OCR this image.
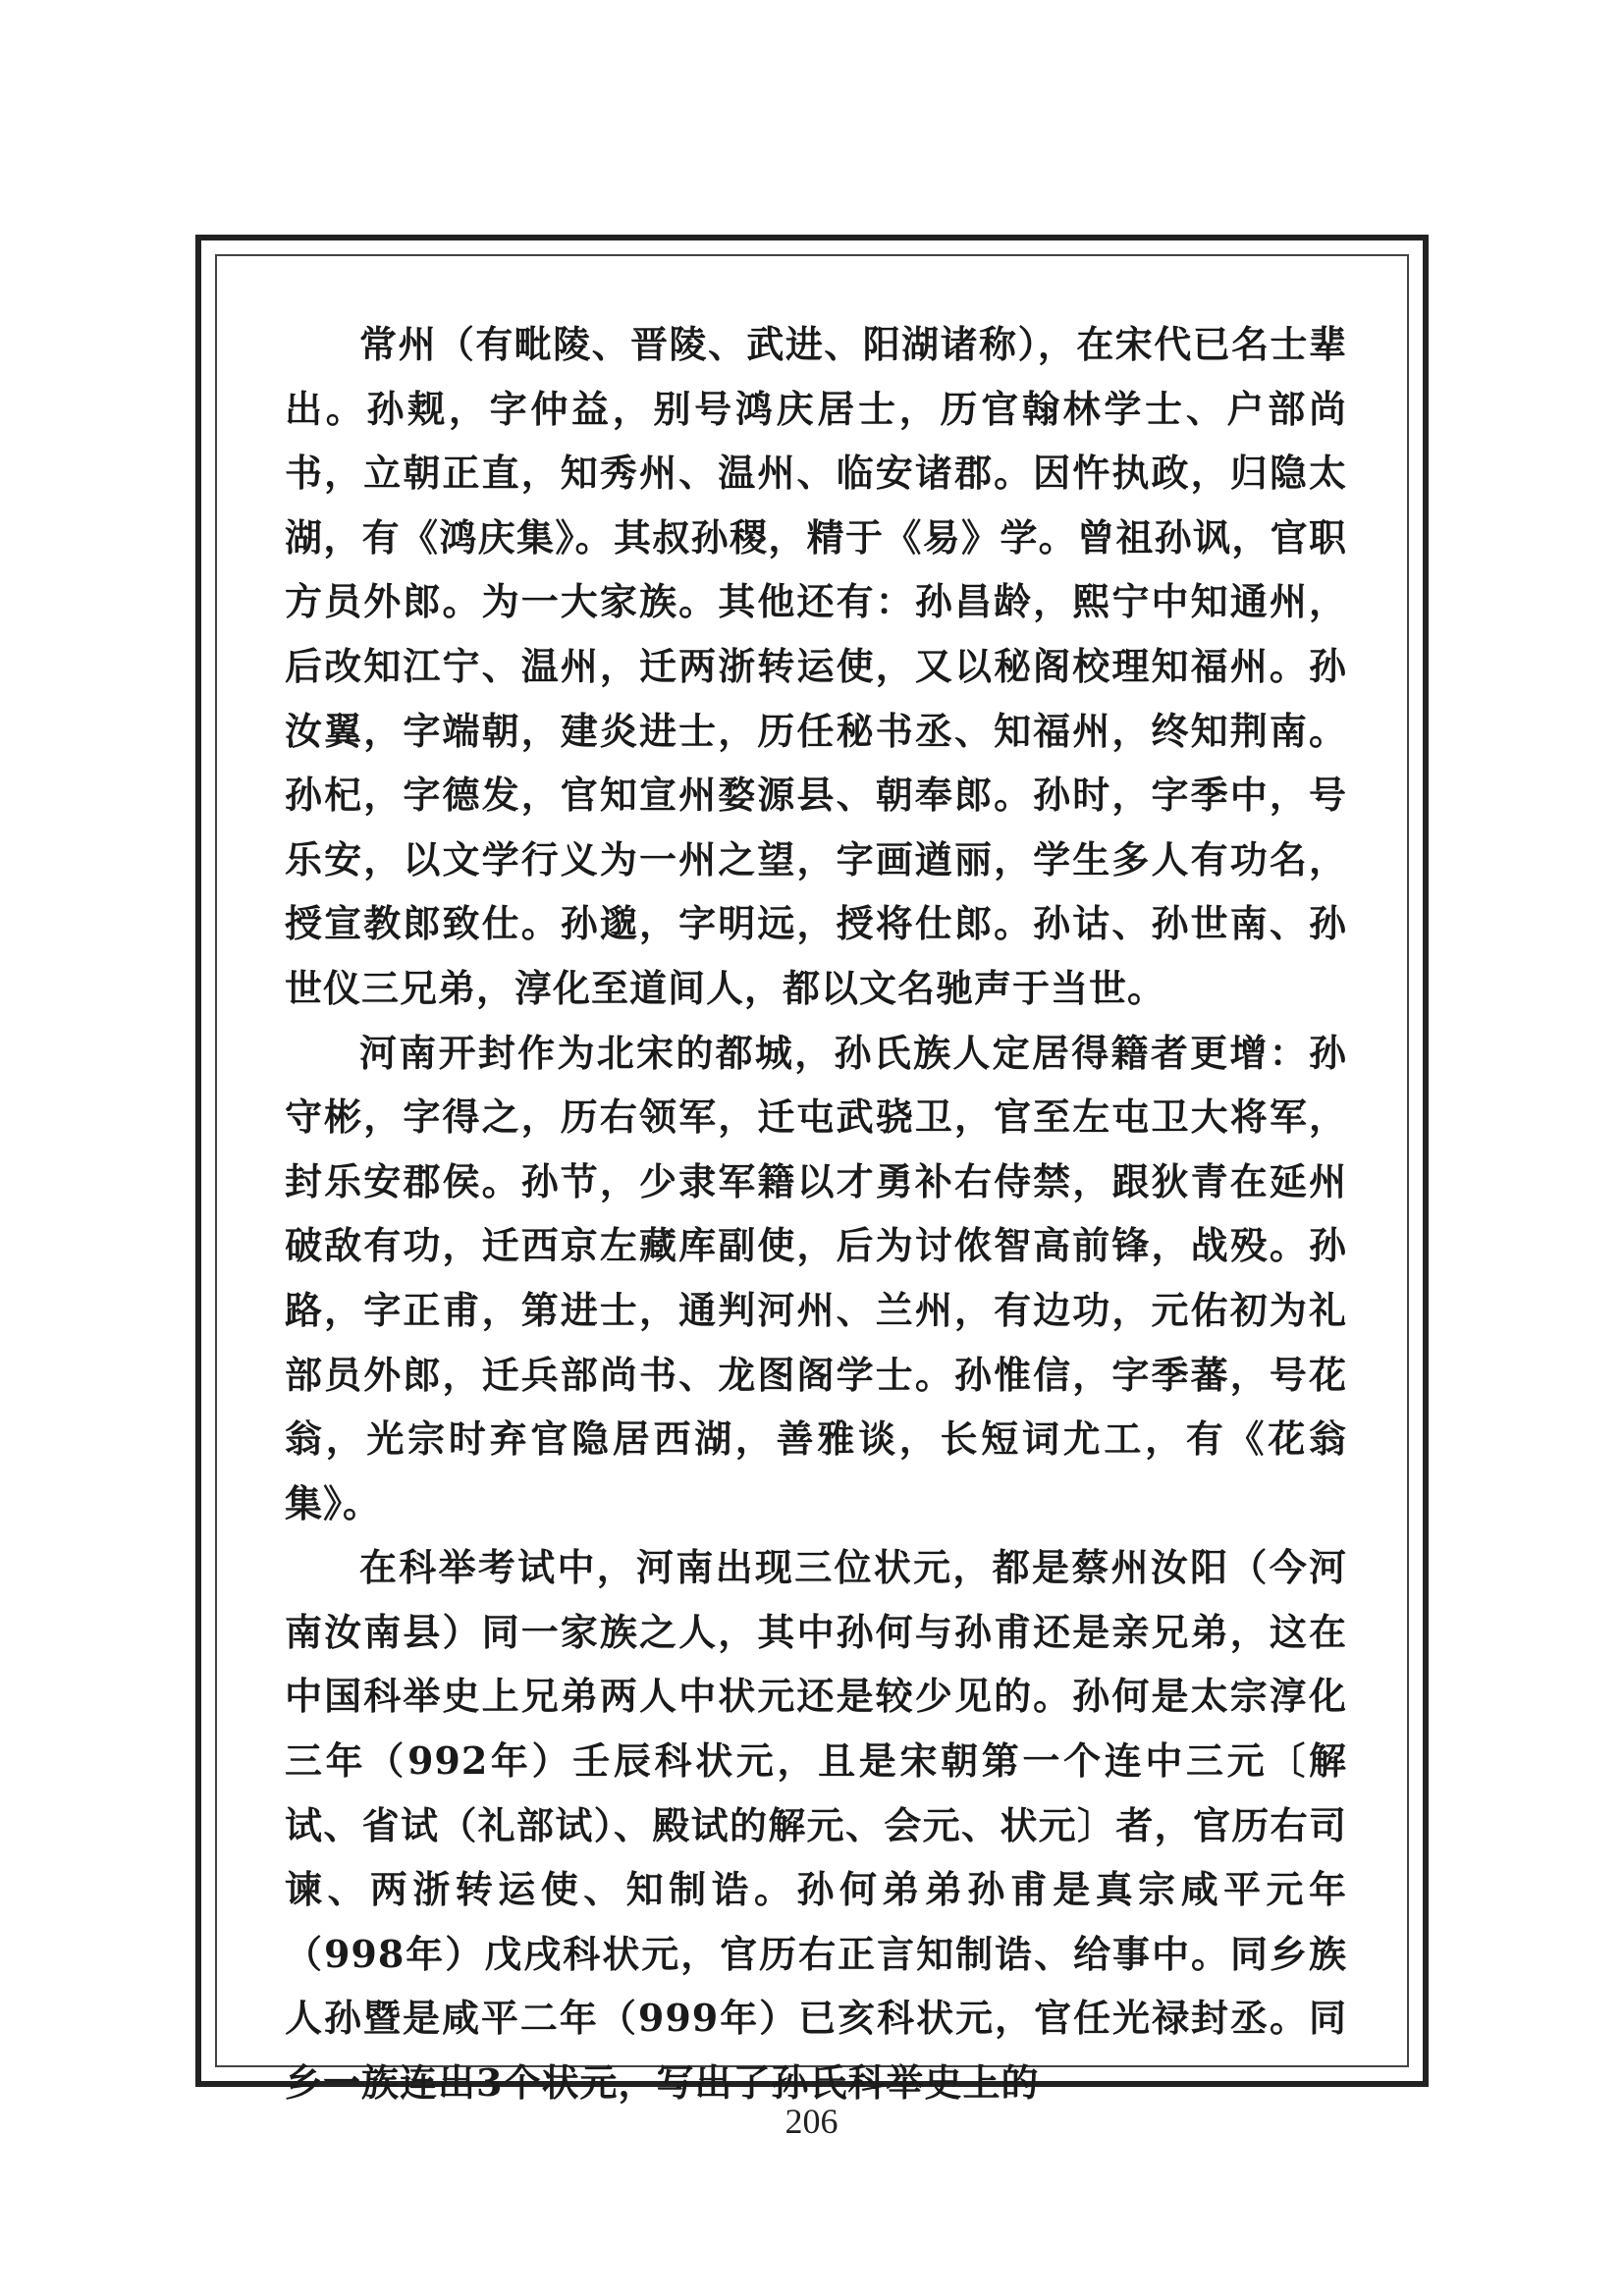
常州（有毗陵、晋陵、武进、阳湖诸称），在宋代已名士辈出。孙觌，字仲益，别号鸿庆居士，历官翰林学士、户部尚书，立朝正直，知秀州、温州、临安诸郡。因忤执政，归隐太湖，有《鸿庆集》。其叔孙稷，精于《易》学。曾祖孙讽，官职方员外郎。为一大家族。其他还有：孙昌龄，熙宁中知通州，后改知江宁、温州，迁两浙转运使，又以秘阁校理知福州。孙汝翼，字端朝，建炎进士，历任秘书丞、知福州，终知荆南。孙杞，字德发，官知宣州婺源县、朝奉郎。孙时，字季中，号乐安，以文学行义为一州之望，字画遒丽，学生多人有功名，授宣教郎致仕。孙邈，字明远，授将仕郎。孙诂、孙世南、孙世仪三兄弟，淳化至道间人，都以文名驰声于当世。

河南开封作为北宋的都城，孙氏族人定居得籍者更增：孙守彬，字得之，历右领军，迁屯武骁卫，官至左屯卫大将军，封乐安郡侯。孙节，少隶军籍以才勇补右侍禁，跟狄青在延州破敌有功，迁西京左藏库副使，后为讨侬智高前锋，战殁。孙路，字正甫，第进士，通判河州、兰州，有边功，元佑初为礼部员外郎，迁兵部尚书、龙图阁学士。孙惟信，字季蕃，号花翁，光宗时弃官隐居西湖，善雅谈，长短词尤工，有《花翁集》。

在科举考试中，河南出现三位状元，都是蔡州汝阳（今河南汝南县）同一家族之人，其中孙何与孙甫还是亲兄弟，这在中国科举史上兄弟两人中状元还是较少见的。孙何是太宗淳化三年（992年）壬辰科状元，且是宋朝第一个连中三元〔解试、省试（礼部试）、殿试的解元、会元、状元〕者，官历右司谏、两浙转运使、知制诰。孙何弟弟孙甫是真宗咸平元年（998年）戊戌科状元，官历右正言知制诰、给事中。同乡族人孙暨是咸平二年（999年）已亥科状元，官任光禄封丞。同乡一族连出3个状元，写出了孙氏科举史上的

206
